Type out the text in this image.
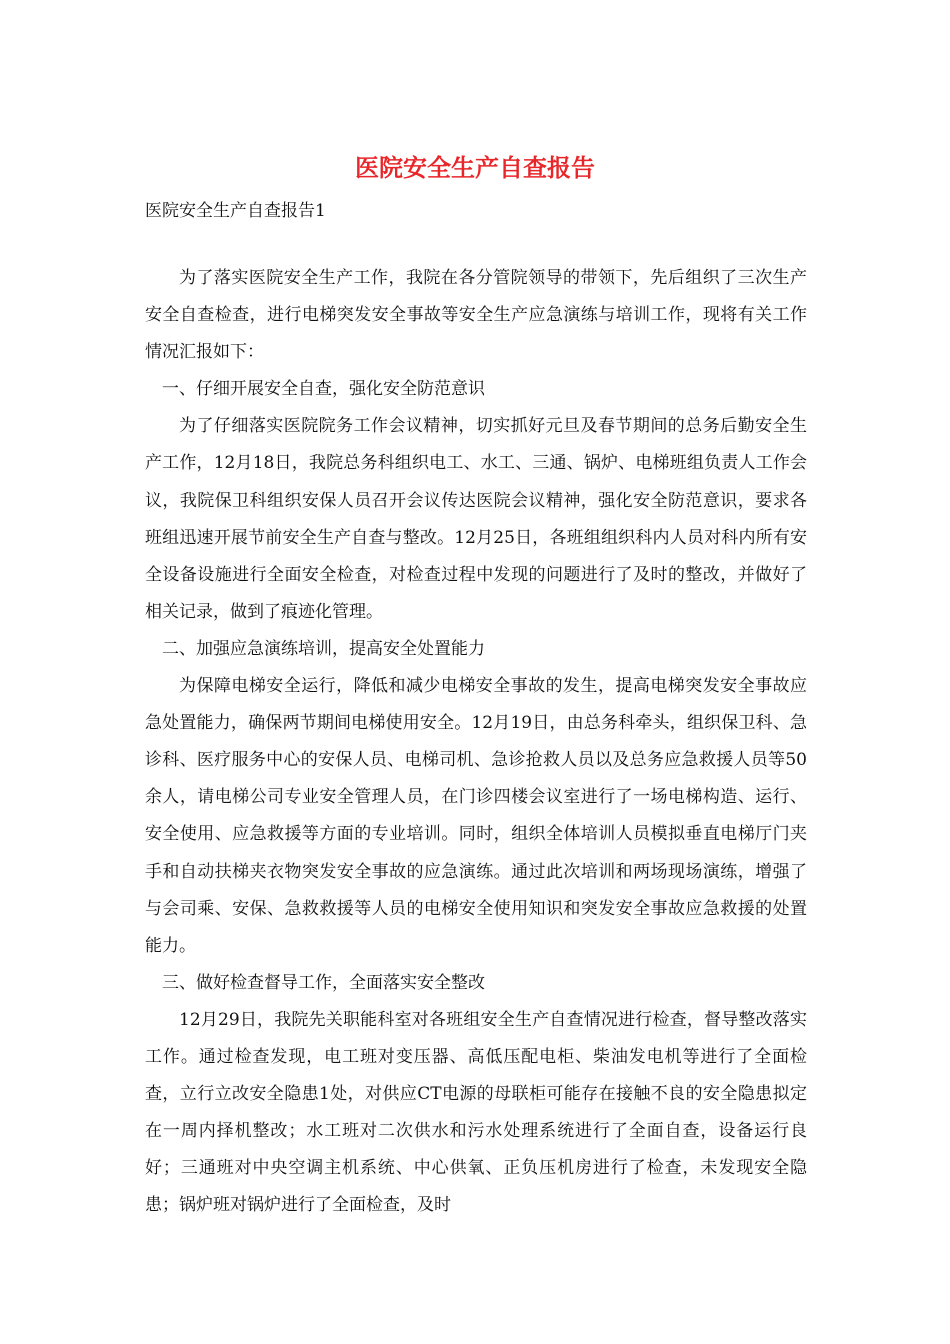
医院安全生产自查报告

医院安全生产自查报告1

为了落实医院安全生产工作，我院在各分管院领导的带领下，先后组织了三次生产安全自查检查，进行电梯突发安全事故等安全生产应急演练与培训工作，现将有关工作情况汇报如下：

一、仔细开展安全自查，强化安全防范意识

为了仔细落实医院院务工作会议精神，切实抓好元旦及春节期间的总务后勤安全生产工作，12月18日，我院总务科组织电工、水工、三通、锅炉、电梯班组负责人工作会议，我院保卫科组织安保人员召开会议传达医院会议精神，强化安全防范意识，要求各班组迅速开展节前安全生产自查与整改。12月25日，各班组组织科内人员对科内所有安全设备设施进行全面安全检查，对检查过程中发现的问题进行了及时的整改，并做好了相关记录，做到了痕迹化管理。

二、加强应急演练培训，提高安全处置能力

为保障电梯安全运行，降低和减少电梯安全事故的发生，提高电梯突发安全事故应急处置能力，确保两节期间电梯使用安全。12月19日，由总务科牵头，组织保卫科、急诊科、医疗服务中心的安保人员、电梯司机、急诊抢救人员以及总务应急救援人员等50余人，请电梯公司专业安全管理人员，在门诊四楼会议室进行了一场电梯构造、运行、安全使用、应急救援等方面的专业培训。同时，组织全体培训人员模拟垂直电梯厅门夹手和自动扶梯夹衣物突发安全事故的应急演练。通过此次培训和两场现场演练，增强了与会司乘、安保、急救救援等人员的电梯安全使用知识和突发安全事故应急救援的处置能力。

三、做好检查督导工作，全面落实安全整改

12月29日，我院先关职能科室对各班组安全生产自查情况进行检查，督导整改落实工作。通过检查发现，电工班对变压器、高低压配电柜、柴油发电机等进行了全面检查，立行立改安全隐患1处，对供应CT电源的母联柜可能存在接触不良的安全隐患拟定在一周内择机整改；水工班对二次供水和污水处理系统进行了全面自查，设备运行良好；三通班对中央空调主机系统、中心供氧、正负压机房进行了检查，未发现安全隐患；锅炉班对锅炉进行了全面检查，及时
